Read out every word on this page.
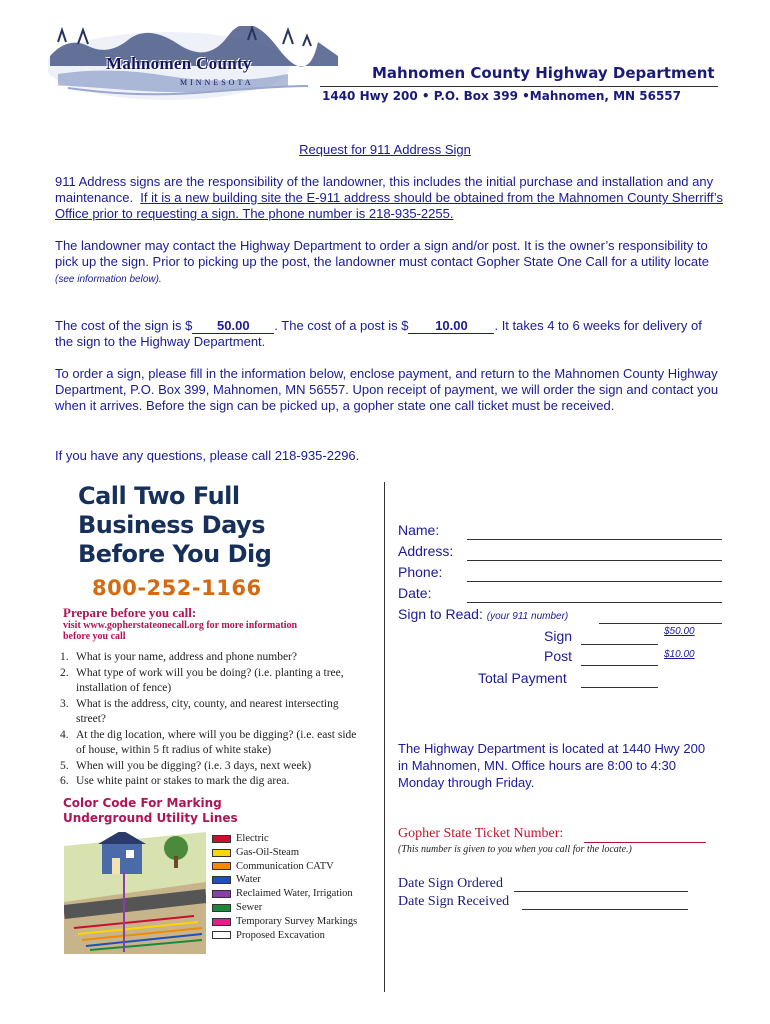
Mahnomen County
MINNESOTA
Mahnomen County Highway Department
1440 Hwy 200 • P.O. Box 399 •Mahnomen, MN 56557
Request for 911 Address Sign
911 Address signs are the responsibility of the landowner, this includes the initial purchase and installation and any maintenance. If it is a new building site the E-911 address should be obtained from the Mahnomen County Sherriff’s Office prior to requesting a sign. The phone number is 218-935-2255.
The landowner may contact the Highway Department to order a sign and/or post. It is the owner’s responsibility to pick up the sign. Prior to picking up the post, the landowner must contact Gopher State One Call for a utility locate (see information below).
The cost of the sign is $ 50.00 . The cost of a post is $ 10.00 . It takes 4 to 6 weeks for delivery of the sign to the Highway Department.
To order a sign, please fill in the information below, enclose payment, and return to the Mahnomen County Highway Department, P.O. Box 399, Mahnomen, MN 56557. Upon receipt of payment, we will order the sign and contact you when it arrives. Before the sign can be picked up, a gopher state one call ticket must be received.
If you have any questions, please call 218-935-2296.
Call Two Full
Business Days
Before You Dig
800-252-1166
Prepare before you call:
visit www.gopherstateonecall.org for more information before you call
1. What is your name, address and phone number?
2. What type of work will you be doing? (i.e. planting a tree, installation of fence)
3. What is the address, city, county, and nearest intersecting street?
4. At the dig location, where will you be digging? (i.e. east side of house, within 5 ft radius of white stake)
5. When will you be digging? (i.e. 3 days, next week)
6. Use white paint or stakes to mark the dig area.
Color Code For Marking
Underground Utility Lines
Electric
Gas-Oil-Steam
Communication CATV
Water
Reclaimed Water, Irrigation
Sewer
Temporary Survey Markings
Proposed Excavation
Name:
Address:
Phone:
Date:
Sign to Read: (your 911 number)
Sign	$50.00
Post	$10.00
Total Payment
The Highway Department is located at 1440 Hwy 200 in Mahnomen, MN. Office hours are 8:00 to 4:30 Monday through Friday.
Gopher State Ticket Number:
(This number is given to you when you call for the locate.)
Date Sign Ordered
Date Sign Received
